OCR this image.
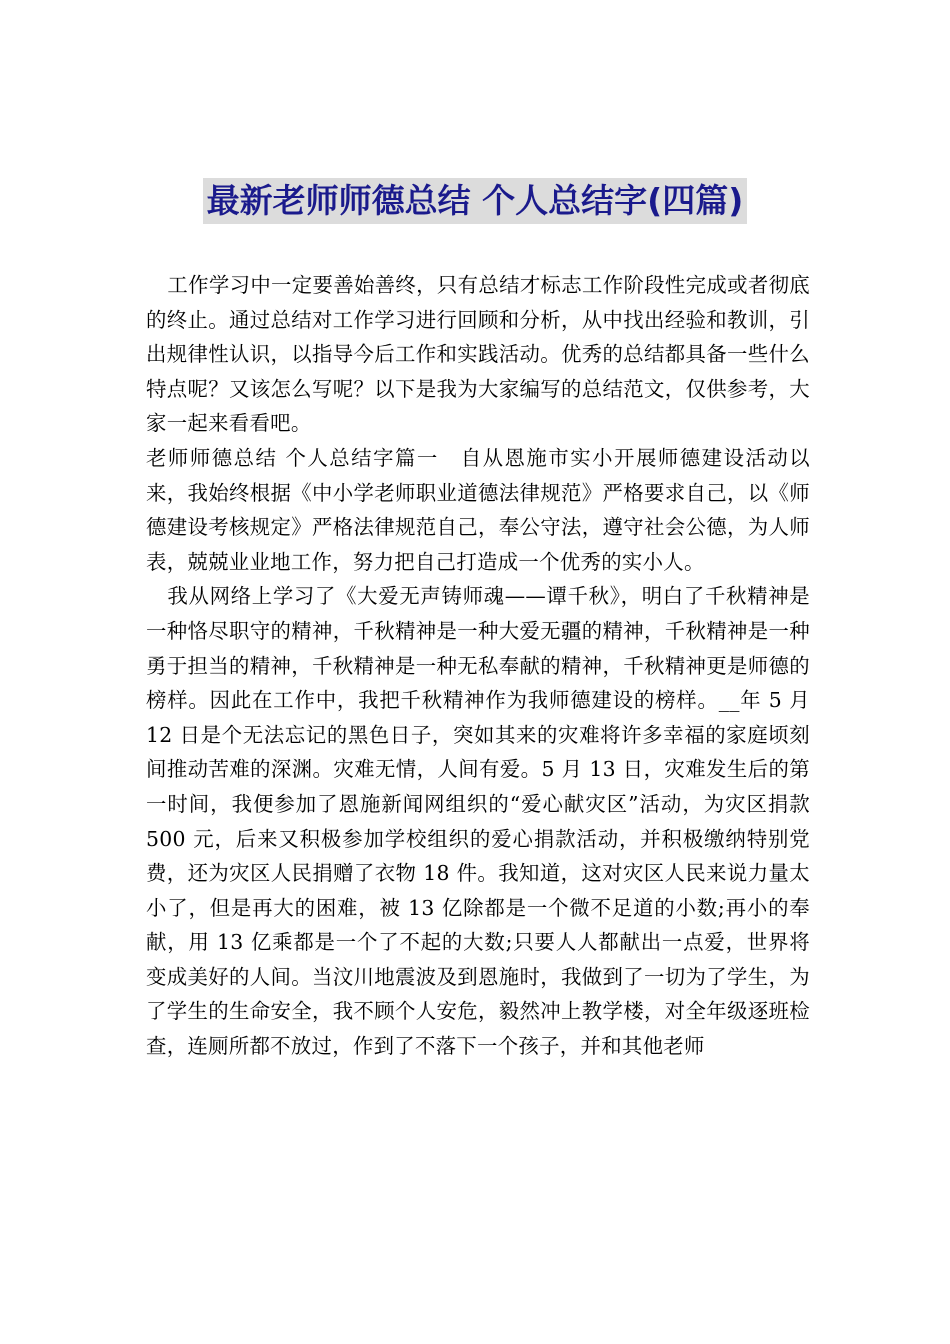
最新老师师德总结 个人总结字(四篇)

工作学习中一定要善始善终，只有总结才标志工作阶段性完成或者彻底的终止。通过总结对工作学习进行回顾和分析，从中找出经验和教训，引出规律性认识，以指导今后工作和实践活动。优秀的总结都具备一些什么特点呢？又该怎么写呢？以下是我为大家编写的总结范文，仅供参考，大家一起来看看吧。

老师师德总结 个人总结字篇一　自从恩施市实小开展师德建设活动以来，我始终根据《中小学老师职业道德法律规范》严格要求自己，以《师德建设考核规定》严格法律规范自己，奉公守法，遵守社会公德，为人师表，兢兢业业地工作，努力把自己打造成一个优秀的实小人。

我从网络上学习了《大爱无声铸师魂——谭千秋》，明白了千秋精神是一种恪尽职守的精神，千秋精神是一种大爱无疆的精神，千秋精神是一种勇于担当的精神，千秋精神是一种无私奉献的精神，千秋精神更是师德的榜样。因此在工作中，我把千秋精神作为我师德建设的榜样。__年 5 月 12 日是个无法忘记的黑色日子，突如其来的灾难将许多幸福的家庭顷刻间推动苦难的深渊。灾难无情，人间有爱。5 月 13 日，灾难发生后的第一时间，我便参加了恩施新闻网组织的“爱心献灾区”活动，为灾区捐款 500 元，后来又积极参加学校组织的爱心捐款活动，并积极缴纳特别党费，还为灾区人民捐赠了衣物 18 件。我知道，这对灾区人民来说力量太小了，但是再大的困难，被 13 亿除都是一个微不足道的小数;再小的奉献，用 13 亿乘都是一个了不起的大数;只要人人都献出一点爱，世界将变成美好的人间。当汶川地震波及到恩施时，我做到了一切为了学生，为了学生的生命安全，我不顾个人安危，毅然冲上教学楼，对全年级逐班检查，连厕所都不放过，作到了不落下一个孩子，并和其他老师
